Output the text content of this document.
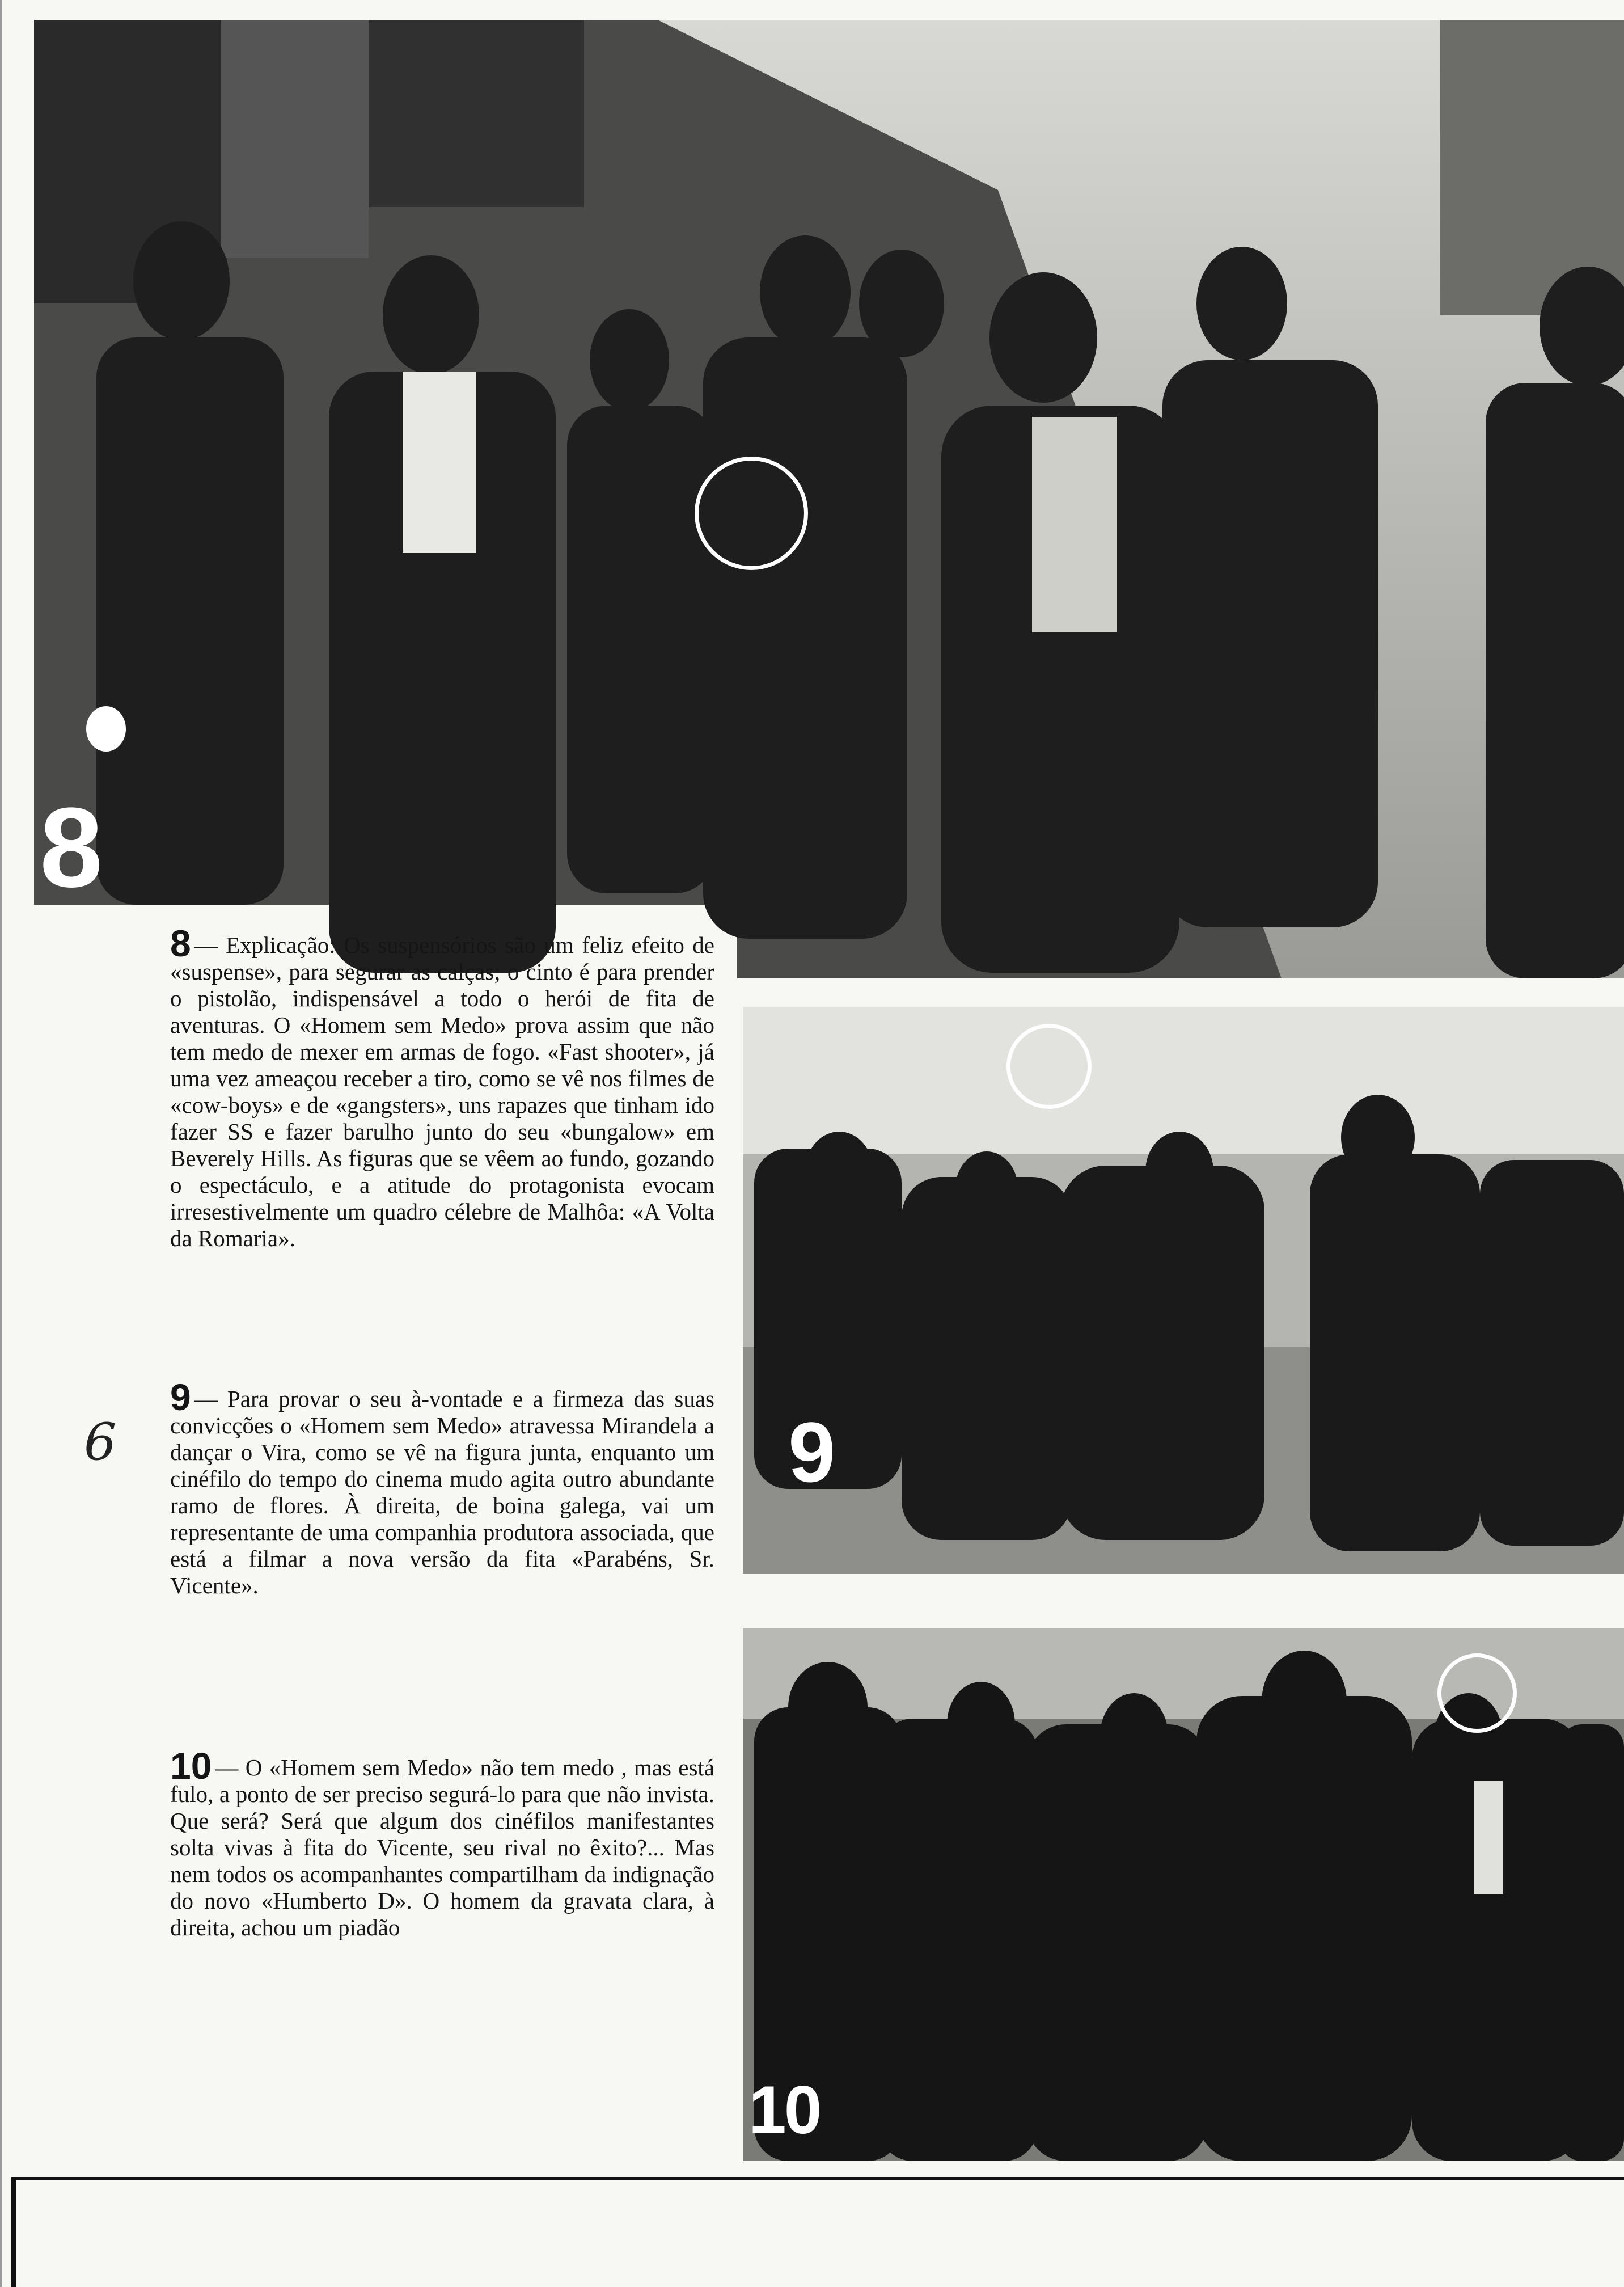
8

8 — Explicação: Os suspensórios são um feliz efeito de «suspense», para segurar as calças; o cinto é para prender o pistolão, indispensável a todo o herói de fita de aventuras. O «Homem sem Medo» prova assim que não tem medo de mexer em armas de fogo. «Fast shooter», já uma vez ameaçou receber a tiro, como se vê nos filmes de «cow-boys» e de «gangsters», uns rapazes que tinham ido fazer SS e fazer barulho junto do seu «bungalow» em Beverely Hills. As figuras que se vêem ao fundo, gozando o espectáculo, e a atitude do protagonista evocam irresestivelmente um quadro célebre de Malhôa: «A Volta da Romaria».

9

9 — Para provar o seu à-vontade e a firmeza das suas convicções o «Homem sem Medo» atravessa Mirandela a dançar o Vira, como se vê na figura junta, enquanto um cinéfilo do tempo do cinema mudo agita outro abundante ramo de flores. À direita, de boina galega, vai um representante de uma companhia produtora associada, que está a filmar a nova versão da fita «Parabéns, Sr. Vicente».

10

10 — O «Homem sem Medo» não tem medo , mas está fulo, a ponto de ser preciso segurá-lo para que não invista. Que será? Será que algum dos cinéfilos manifestantes solta vivas à fita do Vicente, seu rival no êxito?... Mas nem todos os acompanhantes compartilham da indignação do novo «Humberto D». O homem da gravata clara, à direita, achou um piadão

6
